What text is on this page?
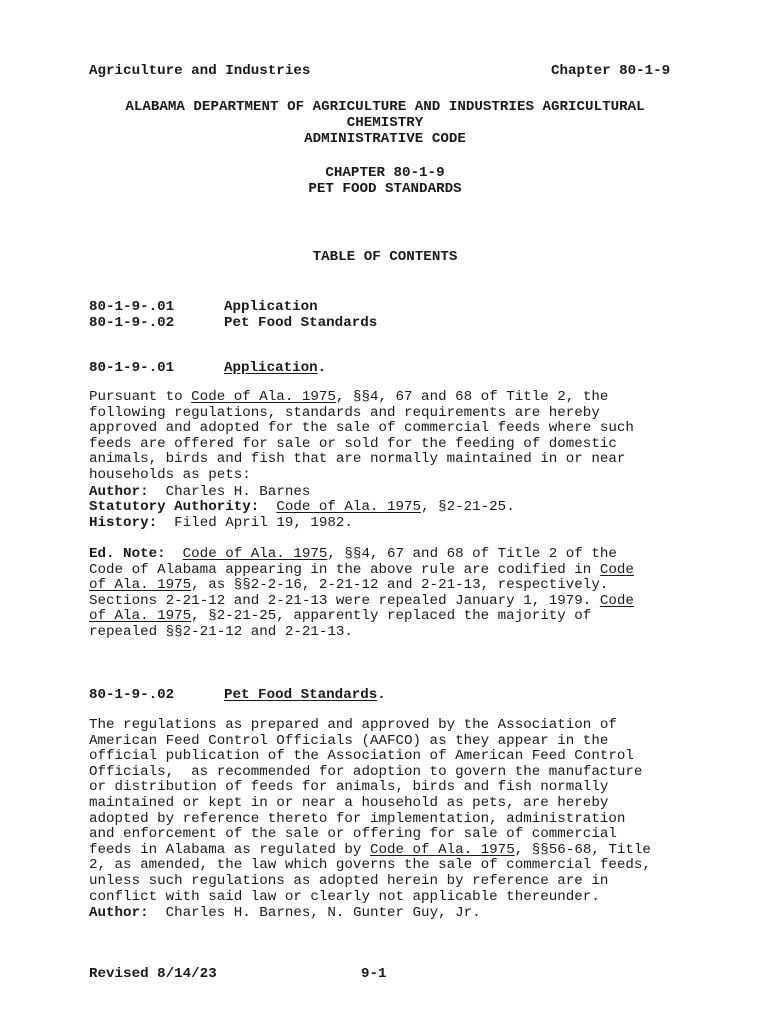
Agriculture and Industries	Chapter 80-1-9
ALABAMA DEPARTMENT OF AGRICULTURE AND INDUSTRIES AGRICULTURAL
CHEMISTRY
ADMINISTRATIVE CODE
CHAPTER 80-1-9
PET FOOD STANDARDS
TABLE OF CONTENTS
80-1-9-.01	Application
80-1-9-.02	Pet Food Standards
80-1-9-.01	Application.
Pursuant to Code of Ala. 1975, §§4, 67 and 68 of Title 2, the
following regulations, standards and requirements are hereby
approved and adopted for the sale of commercial feeds where such
feeds are offered for sale or sold for the feeding of domestic
animals, birds and fish that are normally maintained in or near
households as pets:
Author: Charles H. Barnes
Statutory Authority: Code of Ala. 1975, §2-21-25.
History: Filed April 19, 1982.
Ed. Note: Code of Ala. 1975, §§4, 67 and 68 of Title 2 of the
Code of Alabama appearing in the above rule are codified in Code
of Ala. 1975, as §§2-2-16, 2-21-12 and 2-21-13, respectively.
Sections 2-21-12 and 2-21-13 were repealed January 1, 1979. Code
of Ala. 1975, §2-21-25, apparently replaced the majority of
repealed §§2-21-12 and 2-21-13.
80-1-9-.02	Pet Food Standards.
The regulations as prepared and approved by the Association of
American Feed Control Officials (AAFCO) as they appear in the
official publication of the Association of American Feed Control
Officials,  as recommended for adoption to govern the manufacture
or distribution of feeds for animals, birds and fish normally
maintained or kept in or near a household as pets, are hereby
adopted by reference thereto for implementation, administration
and enforcement of the sale or offering for sale of commercial
feeds in Alabama as regulated by Code of Ala. 1975, §§56-68, Title
2, as amended, the law which governs the sale of commercial feeds,
unless such regulations as adopted herein by reference are in
conflict with said law or clearly not applicable thereunder.
Author: Charles H. Barnes, N. Gunter Guy, Jr.
Revised 8/14/23	9-1
